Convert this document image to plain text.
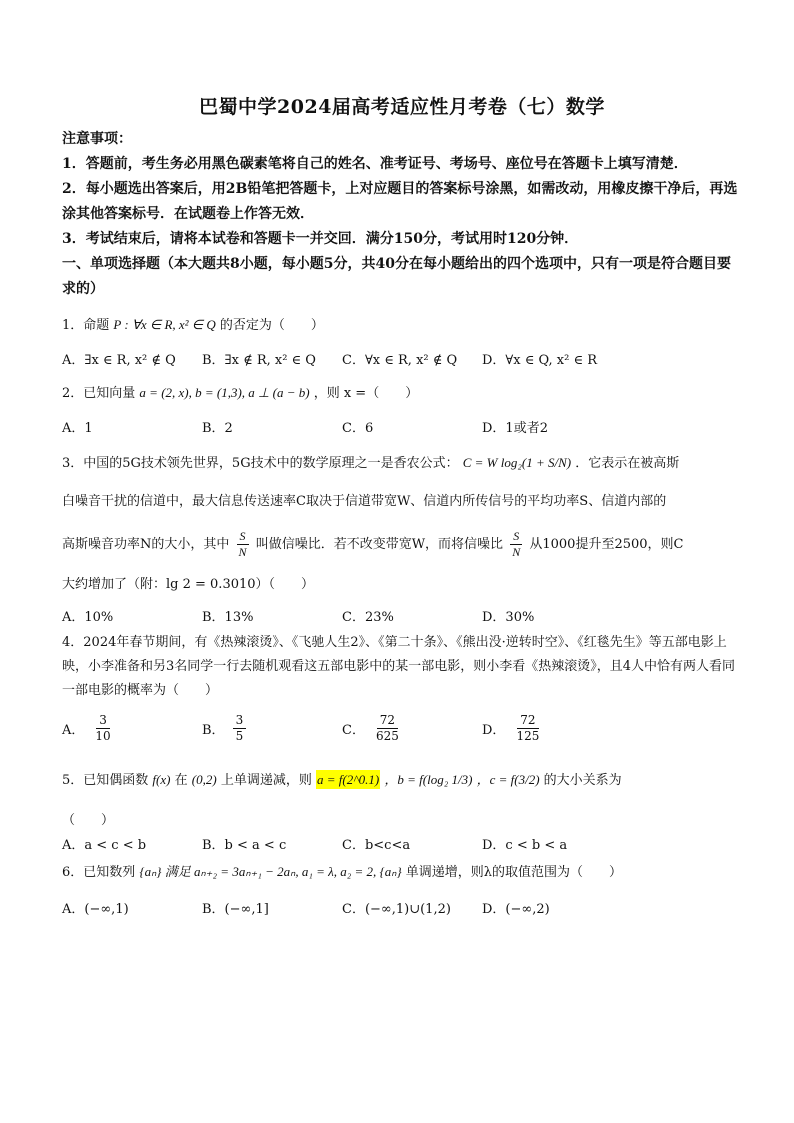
巴蜀中学2024届高考适应性月考卷（七）数学
注意事项：
1．答题前，考生务必用黑色碳素笔将自己的姓名、准考证号、考场号、座位号在答题卡上填写清楚．
2．每小题选出答案后，用2B铅笔把答题卡，上对应题目的答案标号涂黑，如需改动，用橡皮擦干净后，再选涂其他答案标号．在试题卷上作答无效．
3．考试结束后，请将本试卷和答题卡一并交回．满分150分，考试用时120分钟．
一、单项选择题（本大题共8小题，每小题5分，共40分在每小题给出的四个选项中，只有一项是符合题目要求的）
1．命题 P : ∀x ∈ R, x² ∈ Q 的否定为（　　）
A．∃x ∈ R, x² ∉ Q	B．∃x ∉ R, x² ∈ Q	C．∀x ∈ R, x² ∉ Q	D．∀x ∈ Q, x² ∈ R
2．已知向量 a = (2, x), b = (1,3), a ⊥ (a − b) ，则 x =（　　）
A．1	B．2	C．6	D．1或者2
3．中国的5G技术领先世界，5G技术中的数学原理之一是香农公式： C = W log₂(1 + S/N) ．它表示在被高斯
白噪音干扰的信道中，最大信息传送速率C取决于信道带宽W、信道内所传信号的平均功率S、信道内部的
高斯噪音功率N的大小，其中 $\frac{S}{N}$ 叫做信噪比．若不改变带宽W，而将信噪比 $\frac{S}{N}$ 从1000提升至2500，则C
大约增加了（附：lg 2 = 0.3010）（　　）
A．10%	B．13%	C．23%	D．30%
4．2024年春节期间，有《热辣滚烫》、《飞驰人生2》、《第二十条》、《熊出没·逆转时空》、《红毯先生》等五部电影上映，小李准备和另3名同学一行去随机观看这五部电影中的某一部电影，则小李看《热辣滚烫》，且4人中恰有两人看同一部电影的概率为（　　）
A． $\frac{3}{10}$	B． $\frac{3}{5}$	C． $\frac{72}{625}$	D． $\frac{72}{125}$
5．已知偶函数 f(x) 在 (0,2) 上单调递减，则 a = f(2^0.1) ，b = f(log₂ 1/3) ，c = f(3/2) 的大小关系为
（　　）
A．a < c < b	B．b < a < c	C．b<c<a	D．c < b < a
6．已知数列 {aₙ} 满足 aₙ₊₂ = 3aₙ₊₁ − 2aₙ, a₁ = λ, a₂ = 2, {aₙ} 单调递增，则λ的取值范围为（　　）
A．(−∞,1)	B．(−∞,1]	C．(−∞,1)∪(1,2)	D．(−∞,2)
